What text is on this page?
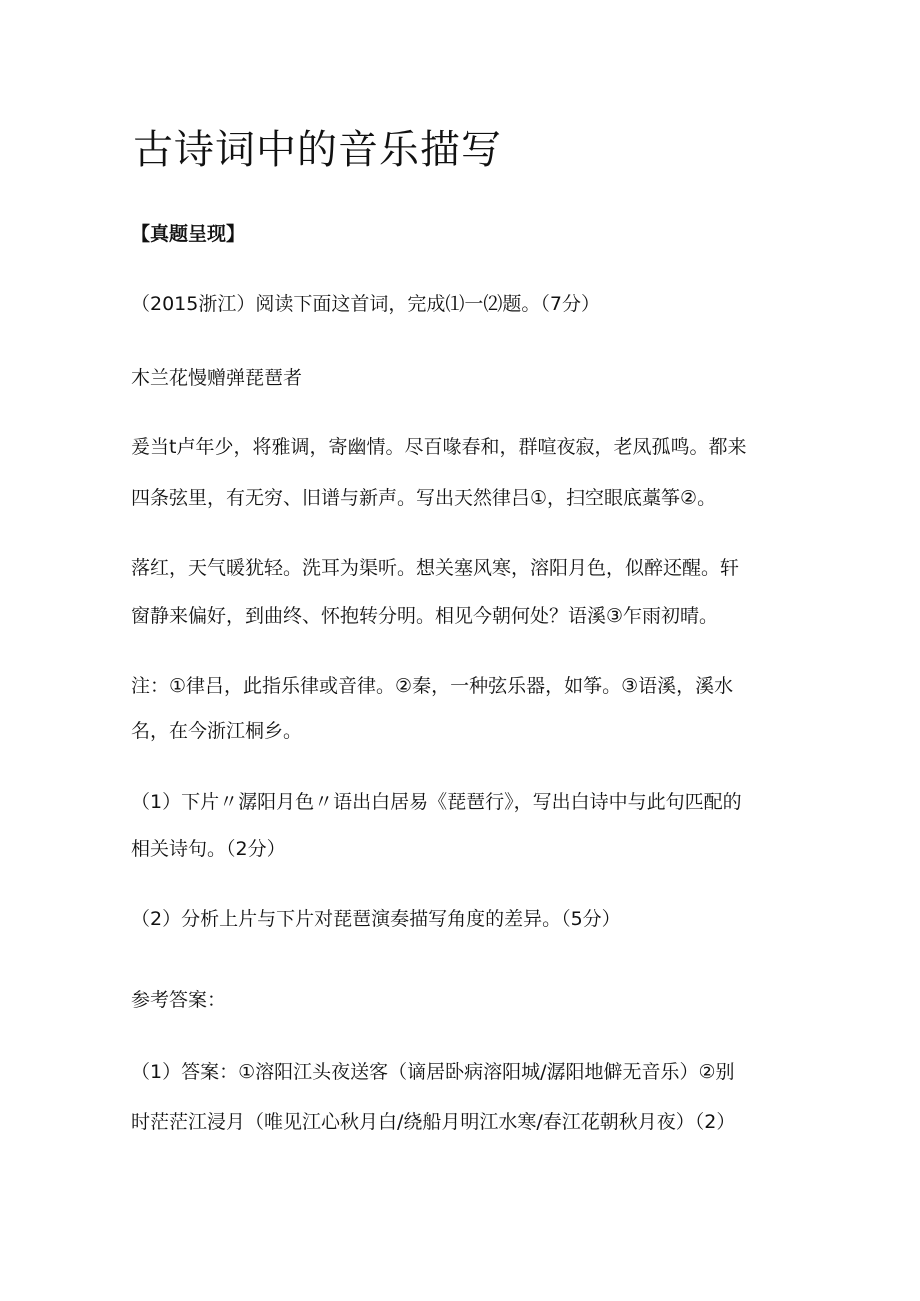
古诗词中的音乐描写

【真题呈现】

（2015浙江）阅读下面这首词，完成⑴一⑵题。（7分）

木兰花慢赠弹琵琶者

爰当t卢年少，将雅调，寄幽情。尽百喙春和，群喧夜寂，老凤孤鸣。都来

四条弦里，有无穷、旧谱与新声。写出天然律吕①，扫空眼底藁筝②。

落红，天气暖犹轻。洗耳为渠听。想关塞风寒，溶阳月色，似醉还醒。轩

窗静来偏好，到曲终、怀抱转分明。相见今朝何处？语溪③乍雨初晴。

注：①律吕，此指乐律或音律。②秦，一种弦乐器，如筝。③语溪，溪水

名，在今浙江桐乡。

（1）下片〃潺阳月色〃语出白居易《琵琶行》，写出白诗中与此句匹配的

相关诗句。（2分）

（2）分析上片与下片对琵琶演奏描写角度的差异。（5分）

参考答案：

（1）答案：①溶阳江头夜送客（谪居卧病溶阳城/潺阳地僻无音乐）②别

时茫茫江浸月（唯见江心秋月白/绕船月明江水寒/春江花朝秋月夜）（2）
